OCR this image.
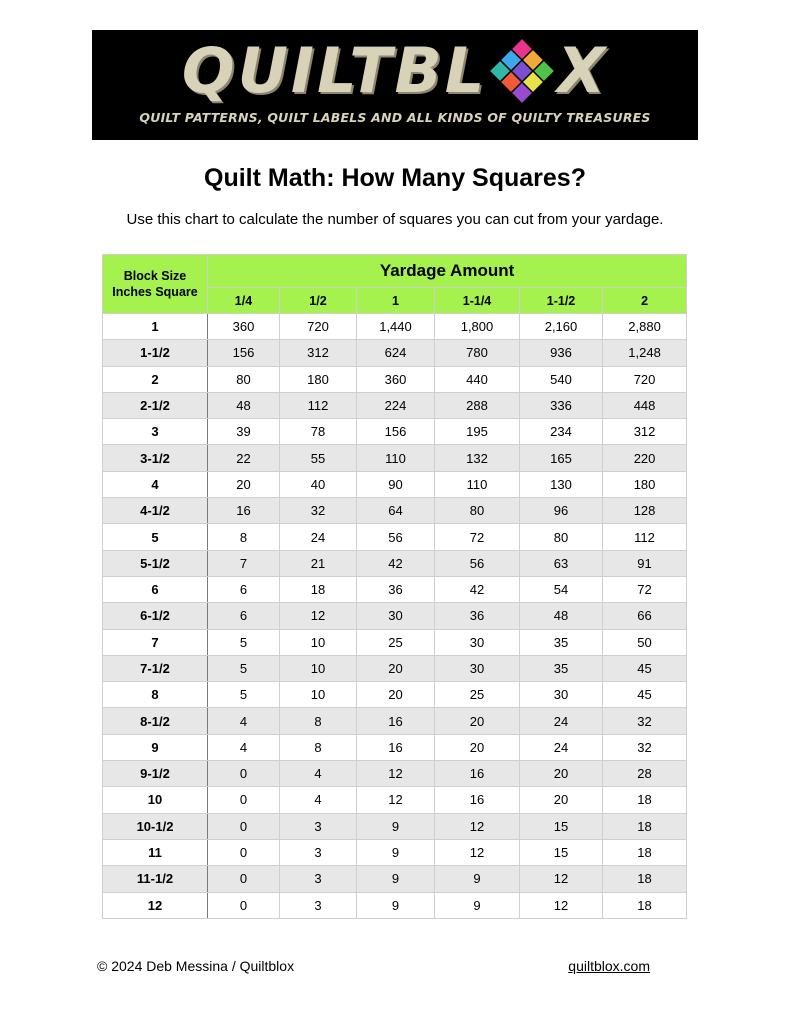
QUILTBL X
QUILT PATTERNS, QUILT LABELS AND ALL KINDS OF QUILTY TREASURES
Quilt Math: How Many Squares?
Use this chart to calculate the number of squares you can cut from your yardage.
Block Size Inches Square	Yardage Amount					
	1/4	1/2	1	1-1/4	1-1/2	2
1	360	720	1,440	1,800	2,160	2,880
1-1/2	156	312	624	780	936	1,248
2	80	180	360	440	540	720
2-1/2	48	112	224	288	336	448
3	39	78	156	195	234	312
3-1/2	22	55	110	132	165	220
4	20	40	90	110	130	180
4-1/2	16	32	64	80	96	128
5	8	24	56	72	80	112
5-1/2	7	21	42	56	63	91
6	6	18	36	42	54	72
6-1/2	6	12	30	36	48	66
7	5	10	25	30	35	50
7-1/2	5	10	20	30	35	45
8	5	10	20	25	30	45
8-1/2	4	8	16	20	24	32
9	4	8	16	20	24	32
9-1/2	0	4	12	16	20	28
10	0	4	12	16	20	18
10-1/2	0	3	9	12	15	18
11	0	3	9	12	15	18
11-1/2	0	3	9	9	12	18
12	0	3	9	9	12	18
© 2024 Deb Messina / Quiltblox	quiltblox.com
